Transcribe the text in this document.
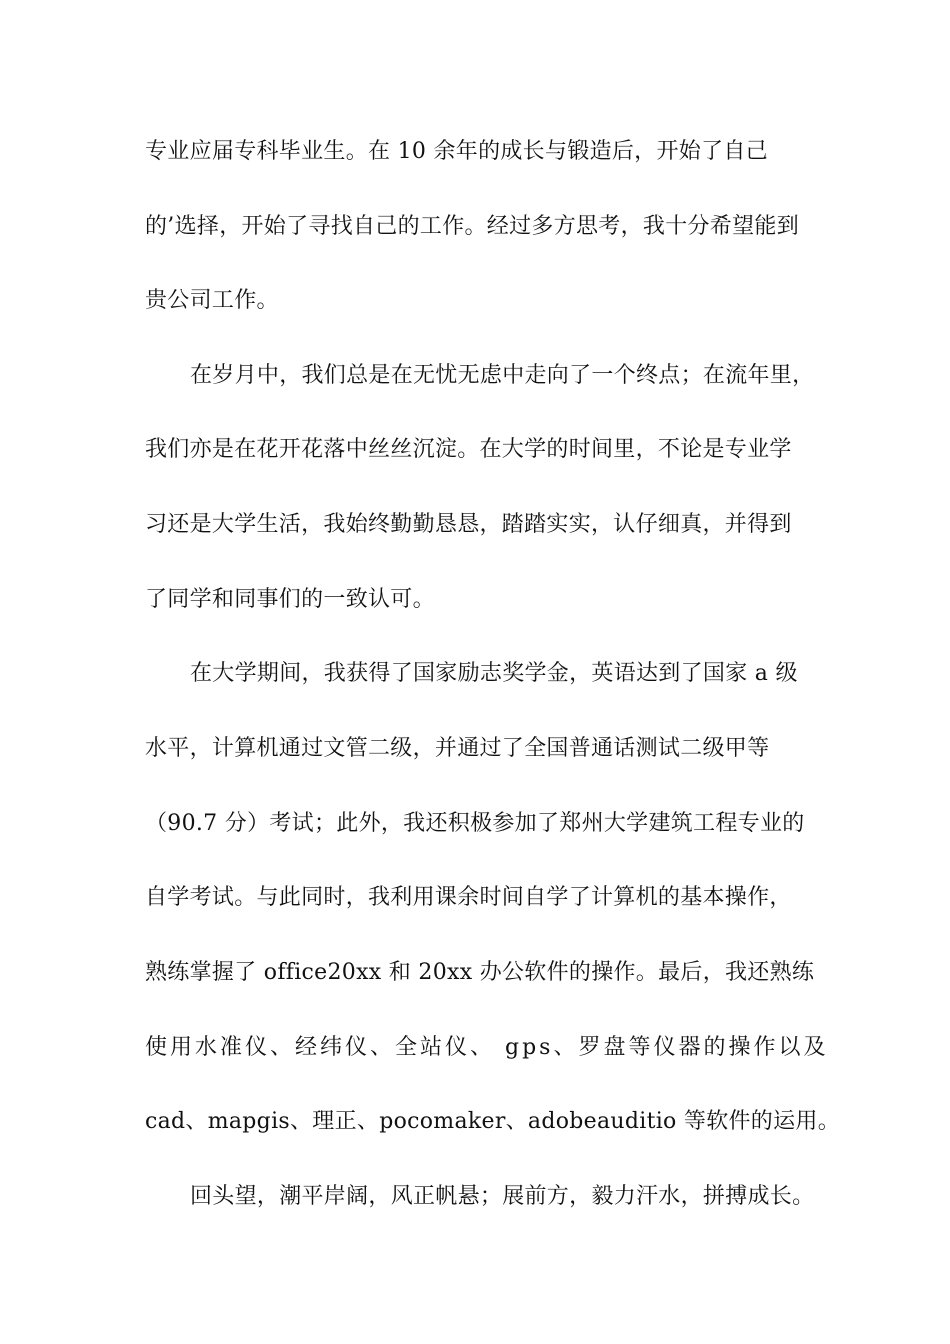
专业应届专科毕业生。在 10 余年的成长与锻造后，开始了自己
的’选择，开始了寻找自己的工作。经过多方思考，我十分希望能到
贵公司工作。
在岁月中，我们总是在无忧无虑中走向了一个终点；在流年里，
我们亦是在花开花落中丝丝沉淀。在大学的时间里，不论是专业学
习还是大学生活，我始终勤勤恳恳，踏踏实实，认仔细真，并得到
了同学和同事们的一致认可。
在大学期间，我获得了国家励志奖学金，英语达到了国家 a 级
水平，计算机通过文管二级，并通过了全国普通话测试二级甲等
（90.7 分）考试；此外，我还积极参加了郑州大学建筑工程专业的
自学考试。与此同时，我利用课余时间自学了计算机的基本操作，
熟练掌握了 office20xx 和 20xx 办公软件的操作。最后，我还熟练
使用水准仪、经纬仪、全站仪、 gps、罗盘等仪器的操作以及
cad、mapgis、理正、pocomaker、adobeauditio 等软件的运用。
回头望，潮平岸阔，风正帆悬；展前方，毅力汗水，拼搏成长。
